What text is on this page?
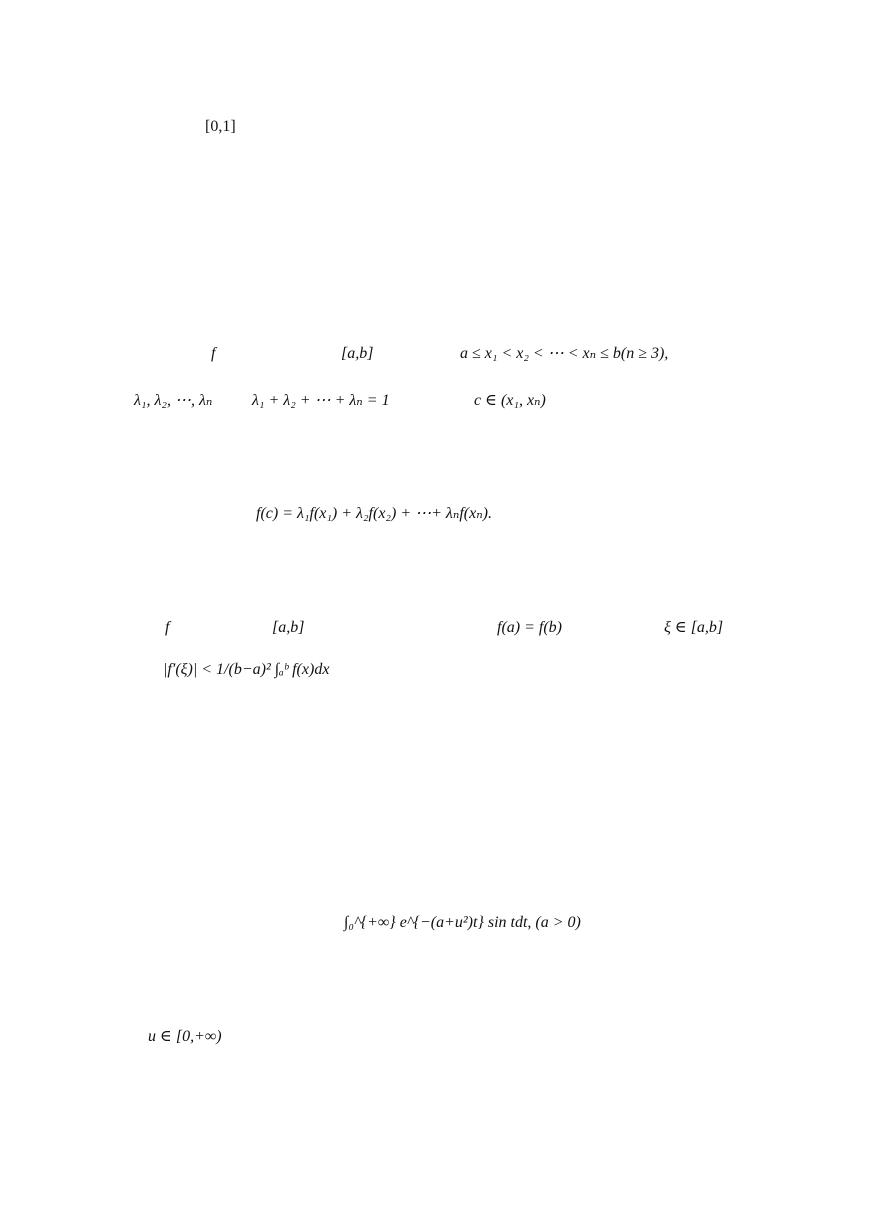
[0,1]

f	[a,b]	a ≤ x₁ < x₂ < ⋯ < xₙ ≤ b(n ≥ 3),

λ₁, λ₂, ⋯, λₙ λ₁ + λ₂ + ⋯ + λₙ = 1	c ∈ (x₁, xₙ)

f(c) = λ₁f(x₁) + λ₂f(x₂) + ⋯+ λₙf(xₙ).

f	[a,b]	f(a) = f(b)	ξ ∈ [a,b]

|f′(ξ)| < 1/(b−a)² ∫ₐᵇ f(x)dx

∫₀^{+∞} e^{−(a+u²)t} sin tdt, (a > 0)

u ∈ [0,+∞)
